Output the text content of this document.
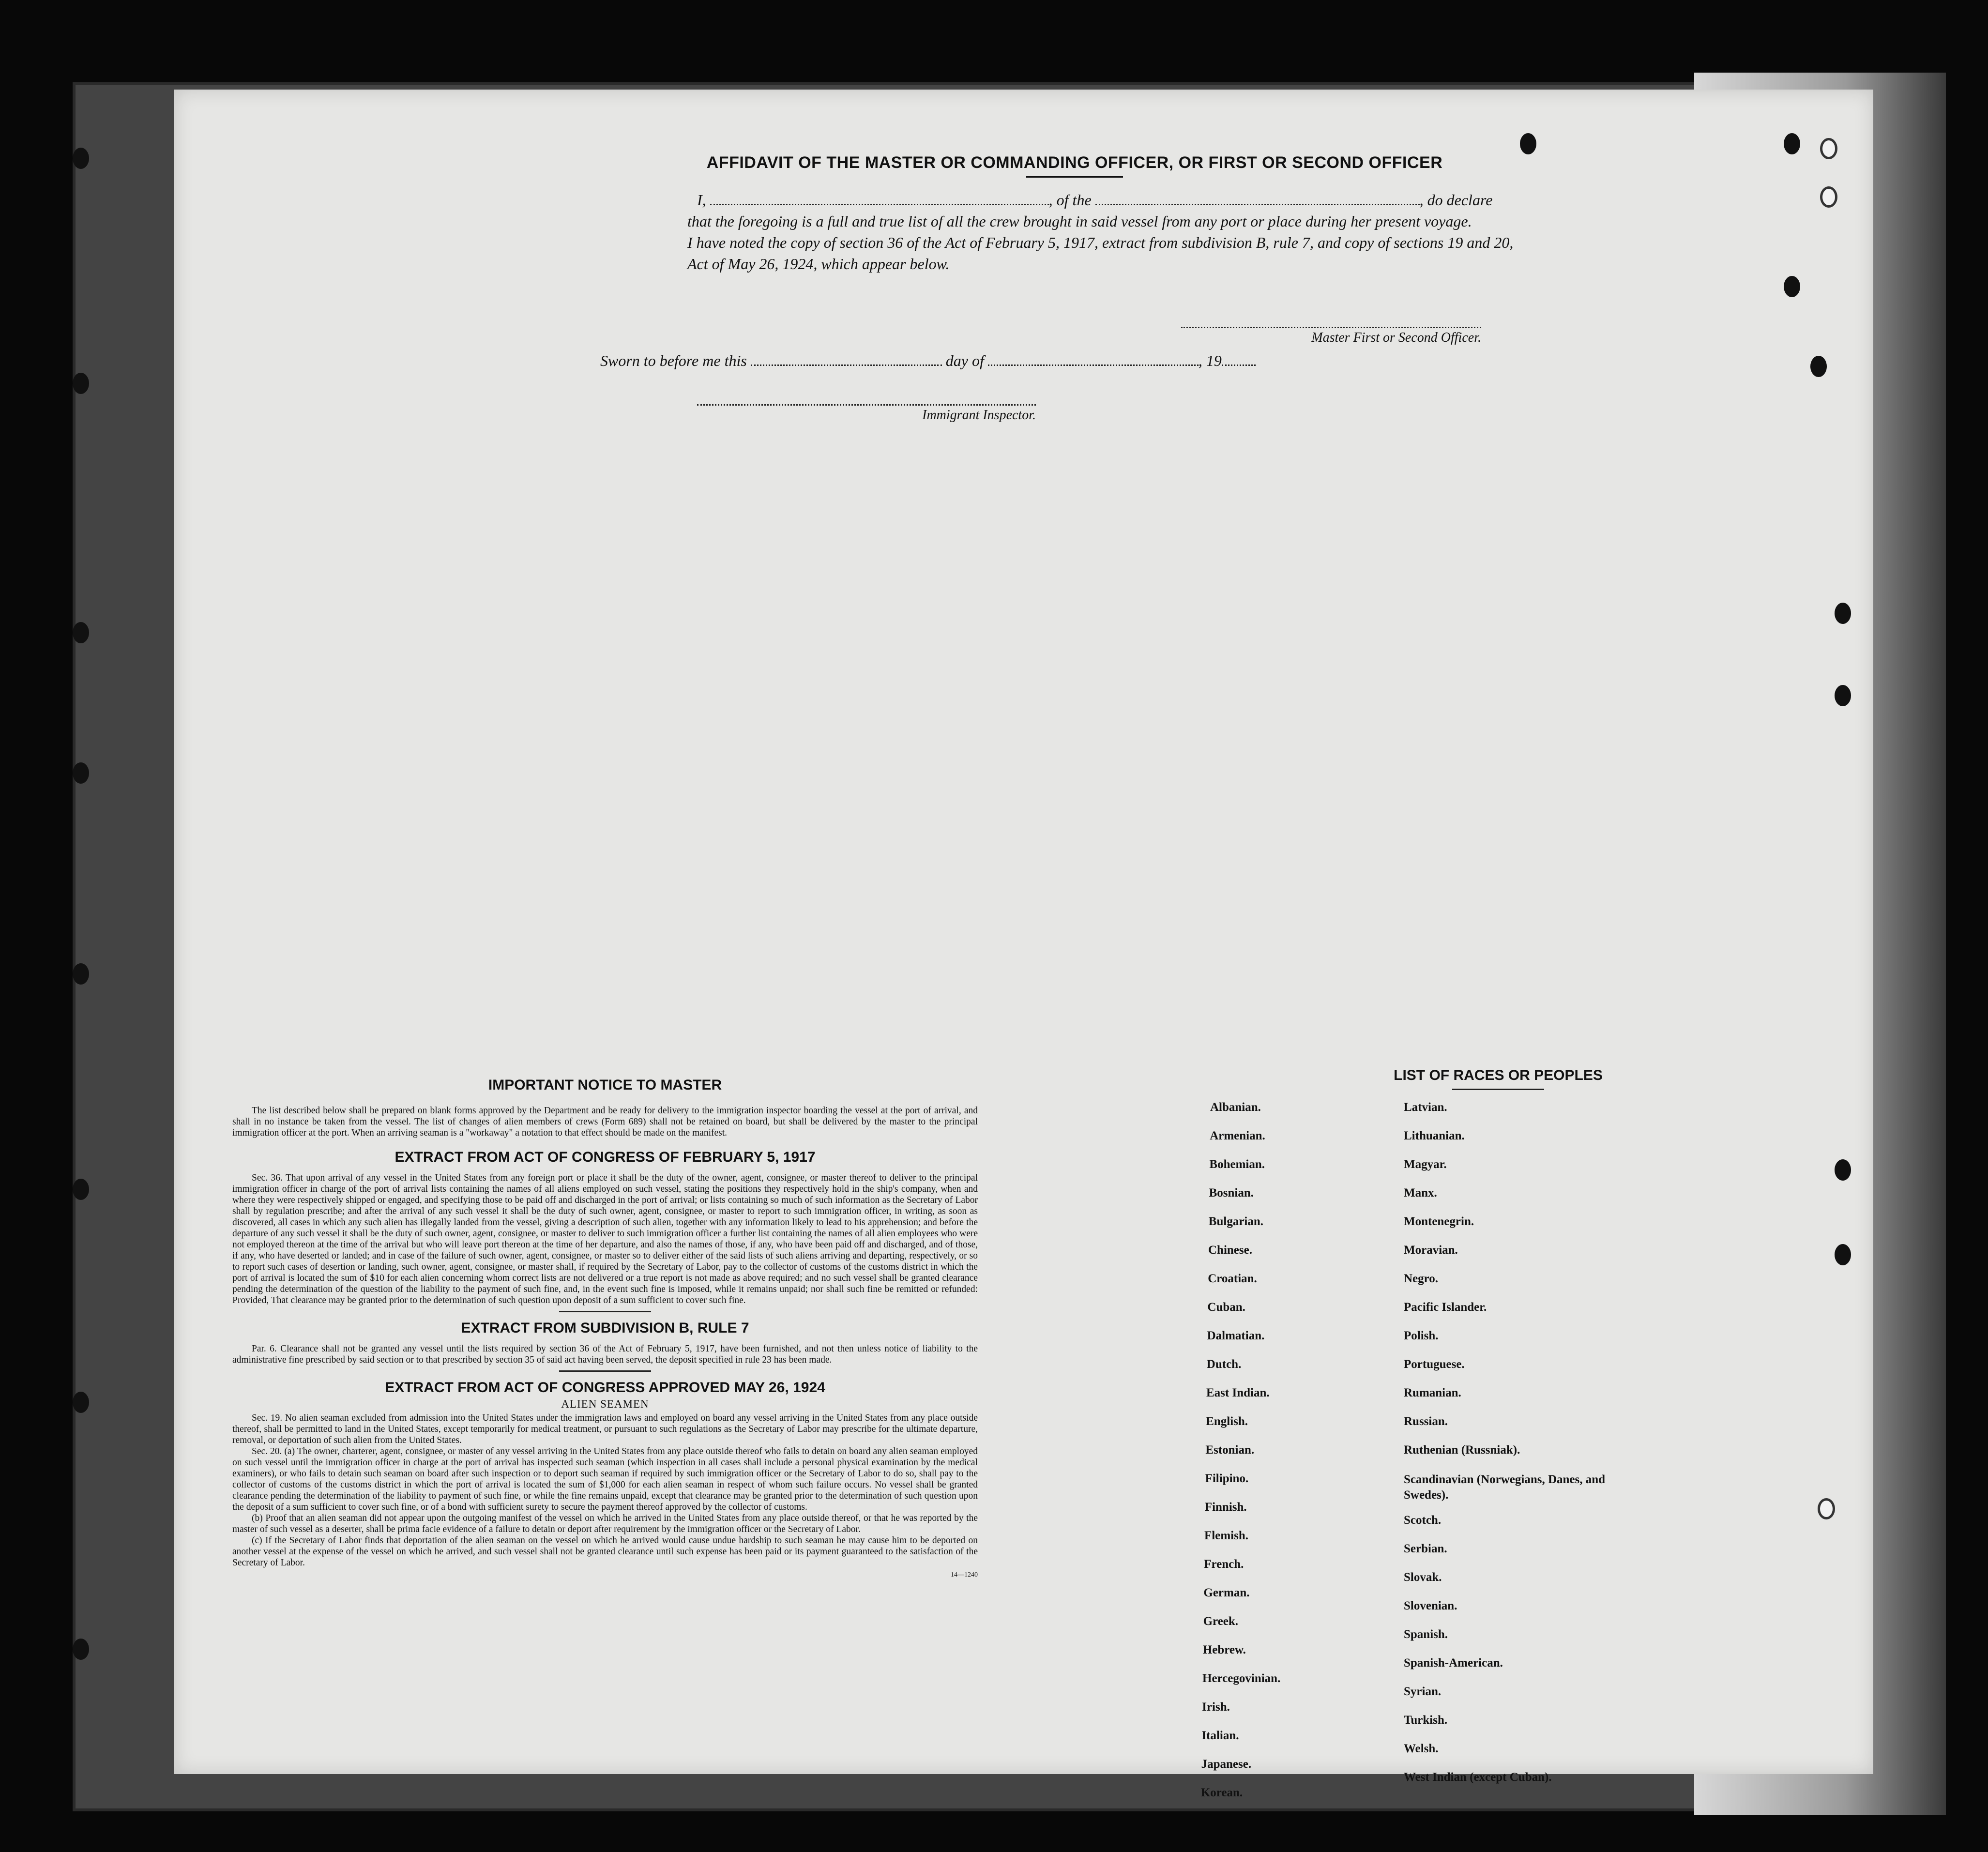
AFFIDAVIT OF THE MASTER OR COMMANDING OFFICER, OR FIRST OR SECOND OFFICER
I,	, of the	, do declare
that the foregoing is a full and true list of all the crew brought in said vessel from any port or place during her present voyage.
I have noted the copy of section 36 of the Act of February 5, 1917, extract from subdivision B, rule 7, and copy of sections 19 and 20,
Act of May 26, 1924, which appear below.
Master First or Second Officer.
Sworn to before me this	day of	, 19
Immigrant Inspector.
IMPORTANT NOTICE TO MASTER

The list described below shall be prepared on blank forms approved by the Department and be ready for delivery to the immigration inspector boarding the vessel at the port of arrival, and shall in no instance be taken from the vessel. The list of changes of alien members of crews (Form 689) shall not be retained on board, but shall be delivered by the master to the principal immigration officer at the port. When an arriving seaman is a "workaway" a notation to that effect should be made on the manifest.

EXTRACT FROM ACT OF CONGRESS OF FEBRUARY 5, 1917

Sec. 36. That upon arrival of any vessel in the United States from any foreign port or place it shall be the duty of the owner, agent, consignee, or master thereof to deliver to the principal immigration officer in charge of the port of arrival lists containing the names of all aliens employed on such vessel, stating the positions they respectively hold in the ship's company, when and where they were respectively shipped or engaged, and specifying those to be paid off and discharged in the port of arrival; or lists containing so much of such information as the Secretary of Labor shall by regulation prescribe; and after the arrival of any such vessel it shall be the duty of such owner, agent, consignee, or master to report to such immigration officer, in writing, as soon as discovered, all cases in which any such alien has illegally landed from the vessel, giving a description of such alien, together with any information likely to lead to his apprehension; and before the departure of any such vessel it shall be the duty of such owner, agent, consignee, or master to deliver to such immigration officer a further list containing the names of all alien employees who were not employed thereon at the time of the arrival but who will leave port thereon at the time of her departure, and also the names of those, if any, who have been paid off and discharged, and of those, if any, who have deserted or landed; and in case of the failure of such owner, agent, consignee, or master so to deliver either of the said lists of such aliens arriving and departing, respectively, or so to report such cases of desertion or landing, such owner, agent, consignee, or master shall, if required by the Secretary of Labor, pay to the collector of customs of the customs district in which the port of arrival is located the sum of $10 for each alien concerning whom correct lists are not delivered or a true report is not made as above required; and no such vessel shall be granted clearance pending the determination of the question of the liability to the payment of such fine, and, in the event such fine is imposed, while it remains unpaid; nor shall such fine be remitted or refunded: Provided, That clearance may be granted prior to the determination of such question upon deposit of a sum sufficient to cover such fine.

EXTRACT FROM SUBDIVISION B, RULE 7

Par. 6. Clearance shall not be granted any vessel until the lists required by section 36 of the Act of February 5, 1917, have been furnished, and not then unless notice of liability to the administrative fine prescribed by said section or to that prescribed by section 35 of said act having been served, the deposit specified in rule 23 has been made.

EXTRACT FROM ACT OF CONGRESS APPROVED MAY 26, 1924
ALIEN SEAMEN

Sec. 19. No alien seaman excluded from admission into the United States under the immigration laws and employed on board any vessel arriving in the United States from any place outside thereof, shall be permitted to land in the United States, except temporarily for medical treatment, or pursuant to such regulations as the Secretary of Labor may prescribe for the ultimate departure, removal, or deportation of such alien from the United States.

Sec. 20. (a) The owner, charterer, agent, consignee, or master of any vessel arriving in the United States from any place outside thereof who fails to detain on board any alien seaman employed on such vessel until the immigration officer in charge at the port of arrival has inspected such seaman (which inspection in all cases shall include a personal physical examination by the medical examiners), or who fails to detain such seaman on board after such inspection or to deport such seaman if required by such immigration officer or the Secretary of Labor to do so, shall pay to the collector of customs of the customs district in which the port of arrival is located the sum of $1,000 for each alien seaman in respect of whom such failure occurs. No vessel shall be granted clearance pending the determination of the liability to payment of such fine, or while the fine remains unpaid, except that clearance may be granted prior to the determination of such question upon the deposit of a sum sufficient to cover such fine, or of a bond with sufficient surety to secure the payment thereof approved by the collector of customs.

(b) Proof that an alien seaman did not appear upon the outgoing manifest of the vessel on which he arrived in the United States from any place outside thereof, or that he was reported by the master of such vessel as a deserter, shall be prima facie evidence of a failure to detain or deport after requirement by the immigration officer or the Secretary of Labor.

(c) If the Secretary of Labor finds that deportation of the alien seaman on the vessel on which he arrived would cause undue hardship to such seaman he may cause him to be deported on another vessel at the expense of the vessel on which he arrived, and such vessel shall not be granted clearance until such expense has been paid or its payment guaranteed to the satisfaction of the Secretary of Labor.

14—1240
LIST OF RACES OR PEOPLES
Albanian.
Armenian.
Bohemian.
Bosnian.
Bulgarian.
Chinese.
Croatian.
Cuban.
Dalmatian.
Dutch.
East Indian.
English.
Estonian.
Filipino.
Finnish.
Flemish.
French.
German.
Greek.
Hebrew.
Hercegovinian.
Irish.
Italian.
Japanese.
Korean.
Latvian.
Lithuanian.
Magyar.
Manx.
Montenegrin.
Moravian.
Negro.
Pacific Islander.
Polish.
Portuguese.
Rumanian.
Russian.
Ruthenian (Russniak).
Scandinavian (Norwegians, Danes, and Swedes).
Scotch.
Serbian.
Slovak.
Slovenian.
Spanish.
Spanish-American.
Syrian.
Turkish.
Welsh.
West Indian (except Cuban).
